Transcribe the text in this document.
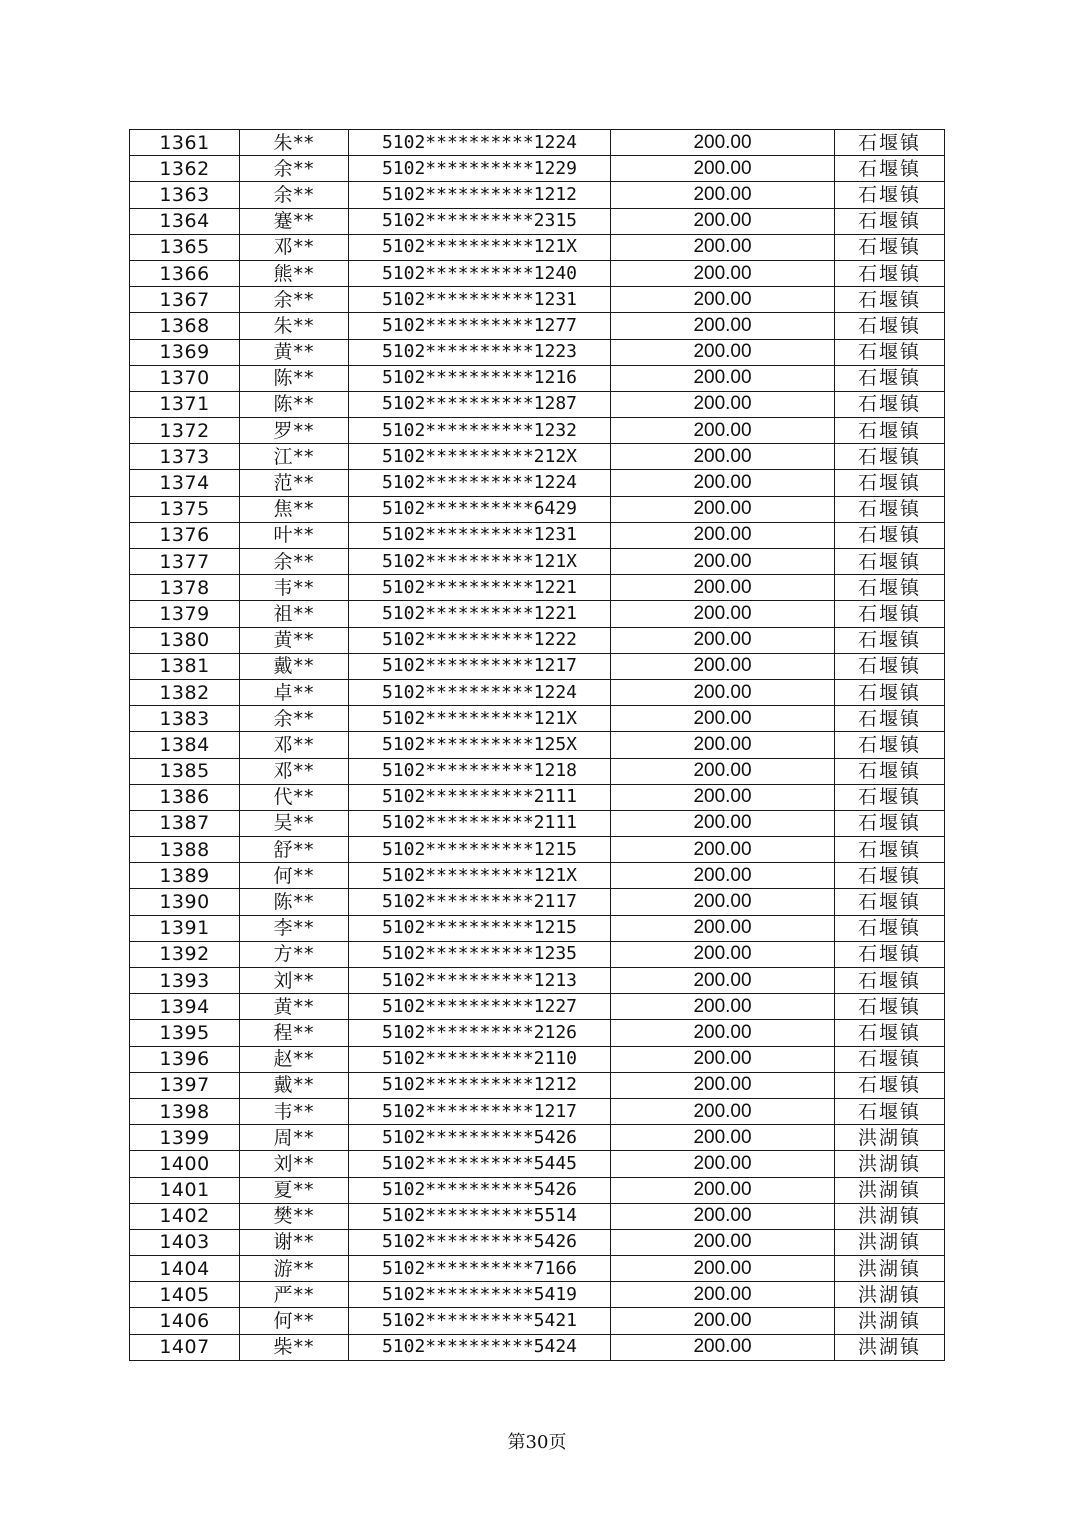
1361	朱**	5102**********1224	200.00	石堰镇
1362	余**	5102**********1229	200.00	石堰镇
1363	余**	5102**********1212	200.00	石堰镇
1364	蹇**	5102**********2315	200.00	石堰镇
1365	邓**	5102**********121X	200.00	石堰镇
1366	熊**	5102**********1240	200.00	石堰镇
1367	余**	5102**********1231	200.00	石堰镇
1368	朱**	5102**********1277	200.00	石堰镇
1369	黄**	5102**********1223	200.00	石堰镇
1370	陈**	5102**********1216	200.00	石堰镇
1371	陈**	5102**********1287	200.00	石堰镇
1372	罗**	5102**********1232	200.00	石堰镇
1373	江**	5102**********212X	200.00	石堰镇
1374	范**	5102**********1224	200.00	石堰镇
1375	焦**	5102**********6429	200.00	石堰镇
1376	叶**	5102**********1231	200.00	石堰镇
1377	余**	5102**********121X	200.00	石堰镇
1378	韦**	5102**********1221	200.00	石堰镇
1379	祖**	5102**********1221	200.00	石堰镇
1380	黄**	5102**********1222	200.00	石堰镇
1381	戴**	5102**********1217	200.00	石堰镇
1382	卓**	5102**********1224	200.00	石堰镇
1383	余**	5102**********121X	200.00	石堰镇
1384	邓**	5102**********125X	200.00	石堰镇
1385	邓**	5102**********1218	200.00	石堰镇
1386	代**	5102**********2111	200.00	石堰镇
1387	吴**	5102**********2111	200.00	石堰镇
1388	舒**	5102**********1215	200.00	石堰镇
1389	何**	5102**********121X	200.00	石堰镇
1390	陈**	5102**********2117	200.00	石堰镇
1391	李**	5102**********1215	200.00	石堰镇
1392	方**	5102**********1235	200.00	石堰镇
1393	刘**	5102**********1213	200.00	石堰镇
1394	黄**	5102**********1227	200.00	石堰镇
1395	程**	5102**********2126	200.00	石堰镇
1396	赵**	5102**********2110	200.00	石堰镇
1397	戴**	5102**********1212	200.00	石堰镇
1398	韦**	5102**********1217	200.00	石堰镇
1399	周**	5102**********5426	200.00	洪湖镇
1400	刘**	5102**********5445	200.00	洪湖镇
1401	夏**	5102**********5426	200.00	洪湖镇
1402	樊**	5102**********5514	200.00	洪湖镇
1403	谢**	5102**********5426	200.00	洪湖镇
1404	游**	5102**********7166	200.00	洪湖镇
1405	严**	5102**********5419	200.00	洪湖镇
1406	何**	5102**********5421	200.00	洪湖镇
1407	柴**	5102**********5424	200.00	洪湖镇
第30页
